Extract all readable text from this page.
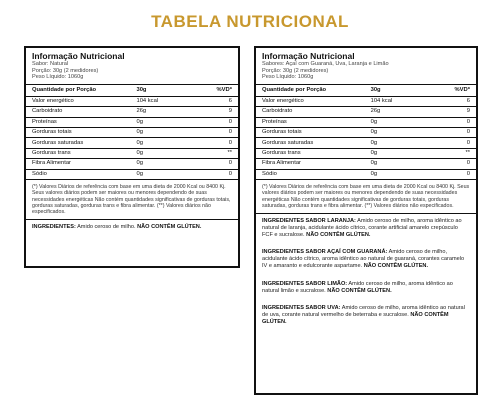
TABELA NUTRICIONAL
Informação Nutricional
Sabor: Natural
Porção: 30g (2 medidores)
Peso Líquido: 1060g
Quantidade por Porção	30g	%VD*
Valor energético	104 kcal	6
Carboidrato	26g	9
Proteínas	0g	0
Gorduras totais	0g	0
Gorduras saturadas	0g	0
Gorduras trans	0g	**
Fibra Alimentar	0g	0
Sódio	0g	0
(*) Valores Diários de referência com base em uma dieta de 2000 Kcal ou 8400 Kj. Seus valores diários podem ser maiores ou menores dependendo de suas necessidades energéticas Não contém quantidades significativas de gorduras totais, gorduras saturadas, gorduras trans e fibra alimentar. (**) Valores diários não especificados.
INGREDIENTES: Amido ceroso de milho. NÃO CONTÊM GLÚTEN.
Informação Nutricional
Sabores: Açaí com Guaraná, Uva, Laranja e Limão
Porção: 30g (2 medidores)
Peso Líquido: 1060g
Quantidade por Porção	30g	%VD*
Valor energético	104 kcal	6
Carboidrato	26g	9
Proteínas	0g	0
Gorduras totais	0g	0
Gorduras saturadas	0g	0
Gorduras trans	0g	**
Fibra Alimentar	0g	0
Sódio	0g	0
(*) Valores Diários de referência com base em uma dieta de 2000 Kcal ou 8400 Kj. Seus valores diários podem ser maiores ou menores dependendo de suas necessidades energéticas Não contém quantidades significativas de gorduras totais, gorduras saturadas, gorduras trans e fibra alimentar. (**) Valores diários não especificados.
INGREDIENTES SABOR LARANJA: Amido ceroso de milho, aroma idêntico ao natural de laranja, acidulante ácido cítrico, corante artificial amarelo crepúsculo FCF e sucralose. NÃO CONTÊM GLÚTEN.
INGREDIENTES SABOR AÇAÍ COM GUARANÁ: Amido ceroso de milho, acidulante ácido cítrico, aroma idêntico ao natural de guaraná, corantes caramelo IV e amaranto e edulcorante aspartame. NÃO CONTÊM GLÚTEN.
INGREDIENTES SABOR LIMÃO: Amido ceroso de milho, aroma idêntico ao natural limão e sucralose. NÃO CONTÊM GLÚTEN.
INGREDIENTES SABOR UVA: Amido ceroso de milho, aroma idêntico ao natural de uva, corante natural vermelho de beterraba e sucralose. NÃO CONTÊM GLÚTEN.
